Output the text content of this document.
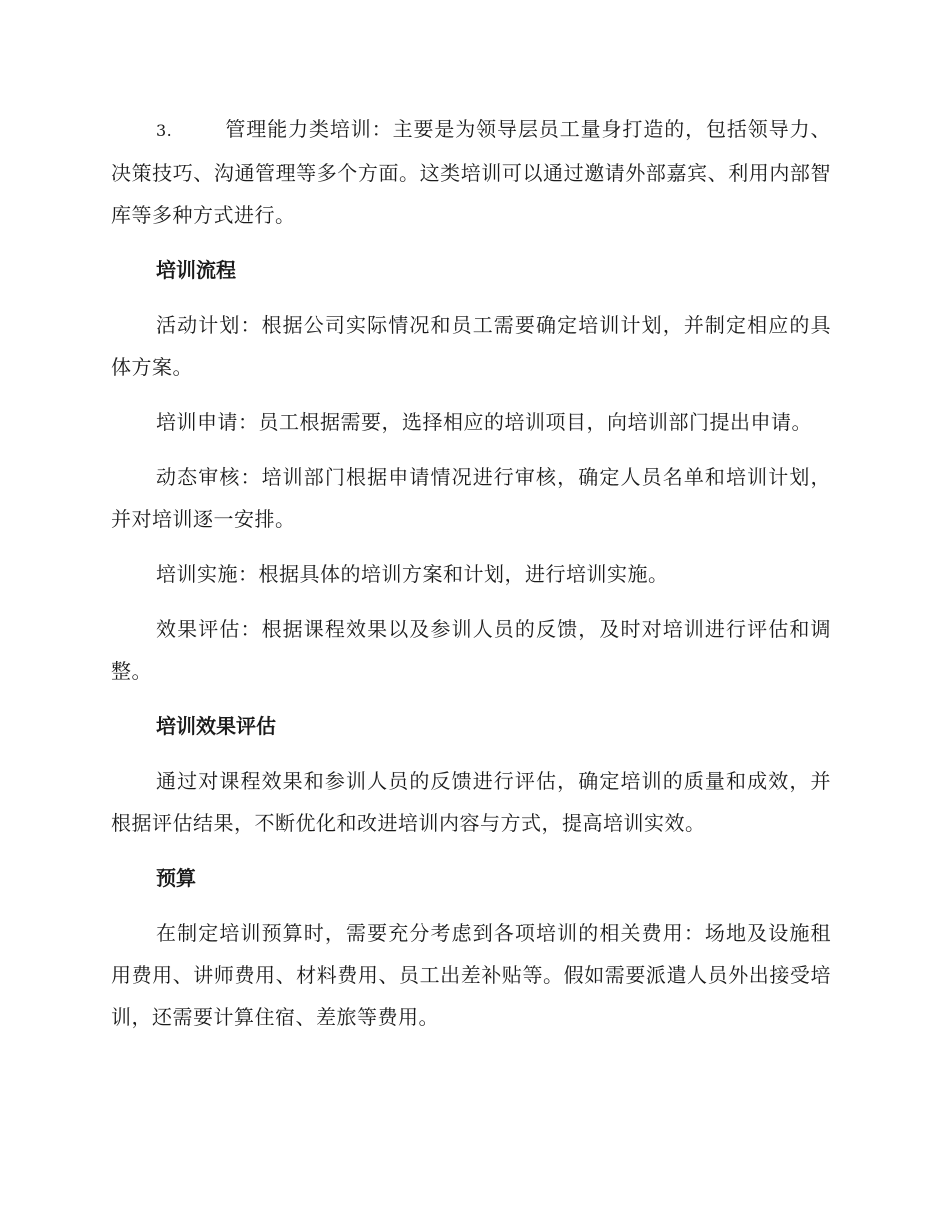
3.	管理能力类培训：主要是为领导层员工量身打造的，包括领导力、决策技巧、沟通管理等多个方面。这类培训可以通过邀请外部嘉宾、利用内部智库等多种方式进行。

培训流程

活动计划：根据公司实际情况和员工需要确定培训计划，并制定相应的具体方案。

培训申请：员工根据需要，选择相应的培训项目，向培训部门提出申请。

动态审核：培训部门根据申请情况进行审核，确定人员名单和培训计划，并对培训逐一安排。

培训实施：根据具体的培训方案和计划，进行培训实施。

效果评估：根据课程效果以及参训人员的反馈，及时对培训进行评估和调整。

培训效果评估

通过对课程效果和参训人员的反馈进行评估，确定培训的质量和成效，并根据评估结果，不断优化和改进培训内容与方式，提高培训实效。

预算

在制定培训预算时，需要充分考虑到各项培训的相关费用：场地及设施租用费用、讲师费用、材料费用、员工出差补贴等。假如需要派遣人员外出接受培训，还需要计算住宿、差旅等费用。
